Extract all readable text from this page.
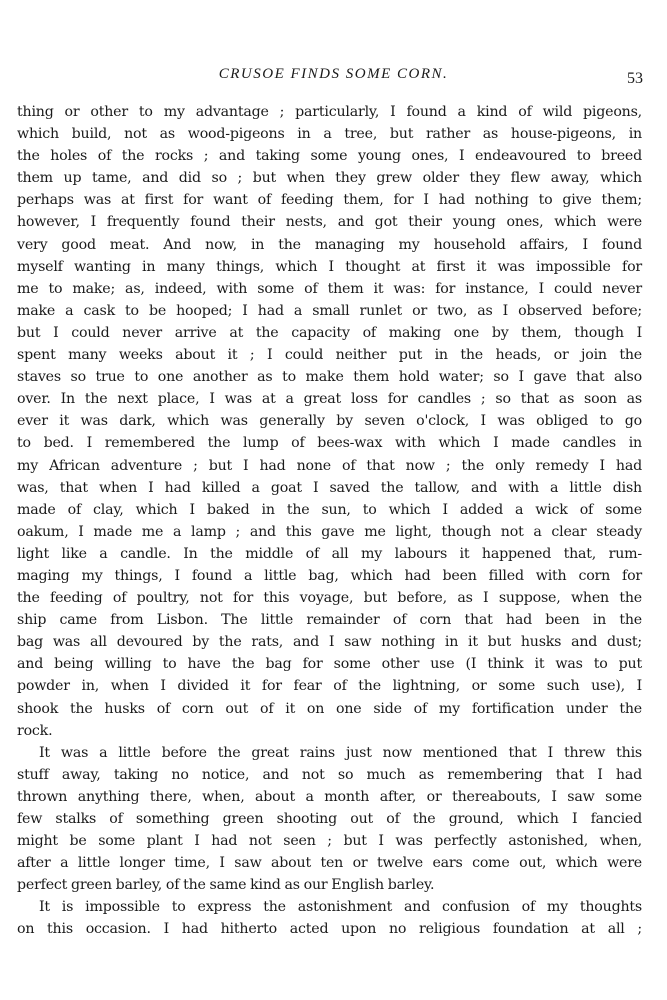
CRUSOE FINDS SOME CORN.	53
thing or other to my advantage ; particularly, I found a kind of wild pigeons,
which build, not as wood-pigeons in a tree, but rather as house-pigeons, in
the holes of the rocks ; and taking some young ones, I endeavoured to breed
them up tame, and did so ; but when they grew older they flew away, which
perhaps was at first for want of feeding them, for I had nothing to give them;
however, I frequently found their nests, and got their young ones, which were
very good meat. And now, in the managing my household affairs, I found
myself wanting in many things, which I thought at first it was impossible for
me to make; as, indeed, with some of them it was: for instance, I could never
make a cask to be hooped; I had a small runlet or two, as I observed before;
but I could never arrive at the capacity of making one by them, though I
spent many weeks about it ; I could neither put in the heads, or join the
staves so true to one another as to make them hold water; so I gave that also
over. In the next place, I was at a great loss for candles ; so that as soon as
ever it was dark, which was generally by seven o'clock, I was obliged to go
to bed. I remembered the lump of bees-wax with which I made candles in
my African adventure ; but I had none of that now ; the only remedy I had
was, that when I had killed a goat I saved the tallow, and with a little dish
made of clay, which I baked in the sun, to which I added a wick of some
oakum, I made me a lamp ; and this gave me light, though not a clear steady
light like a candle. In the middle of all my labours it happened that, rum-
maging my things, I found a little bag, which had been filled with corn for
the feeding of poultry, not for this voyage, but before, as I suppose, when the
ship came from Lisbon. The little remainder of corn that had been in the
bag was all devoured by the rats, and I saw nothing in it but husks and dust;
and being willing to have the bag for some other use (I think it was to put
powder in, when I divided it for fear of the lightning, or some such use), I
shook the husks of corn out of it on one side of my fortification under the
rock.
It was a little before the great rains just now mentioned that I threw this
stuff away, taking no notice, and not so much as remembering that I had
thrown anything there, when, about a month after, or thereabouts, I saw some
few stalks of something green shooting out of the ground, which I fancied
might be some plant I had not seen ; but I was perfectly astonished, when,
after a little longer time, I saw about ten or twelve ears come out, which were
perfect green barley, of the same kind as our English barley.
It is impossible to express the astonishment and confusion of my thoughts
on this occasion. I had hitherto acted upon no religious foundation at all ;
